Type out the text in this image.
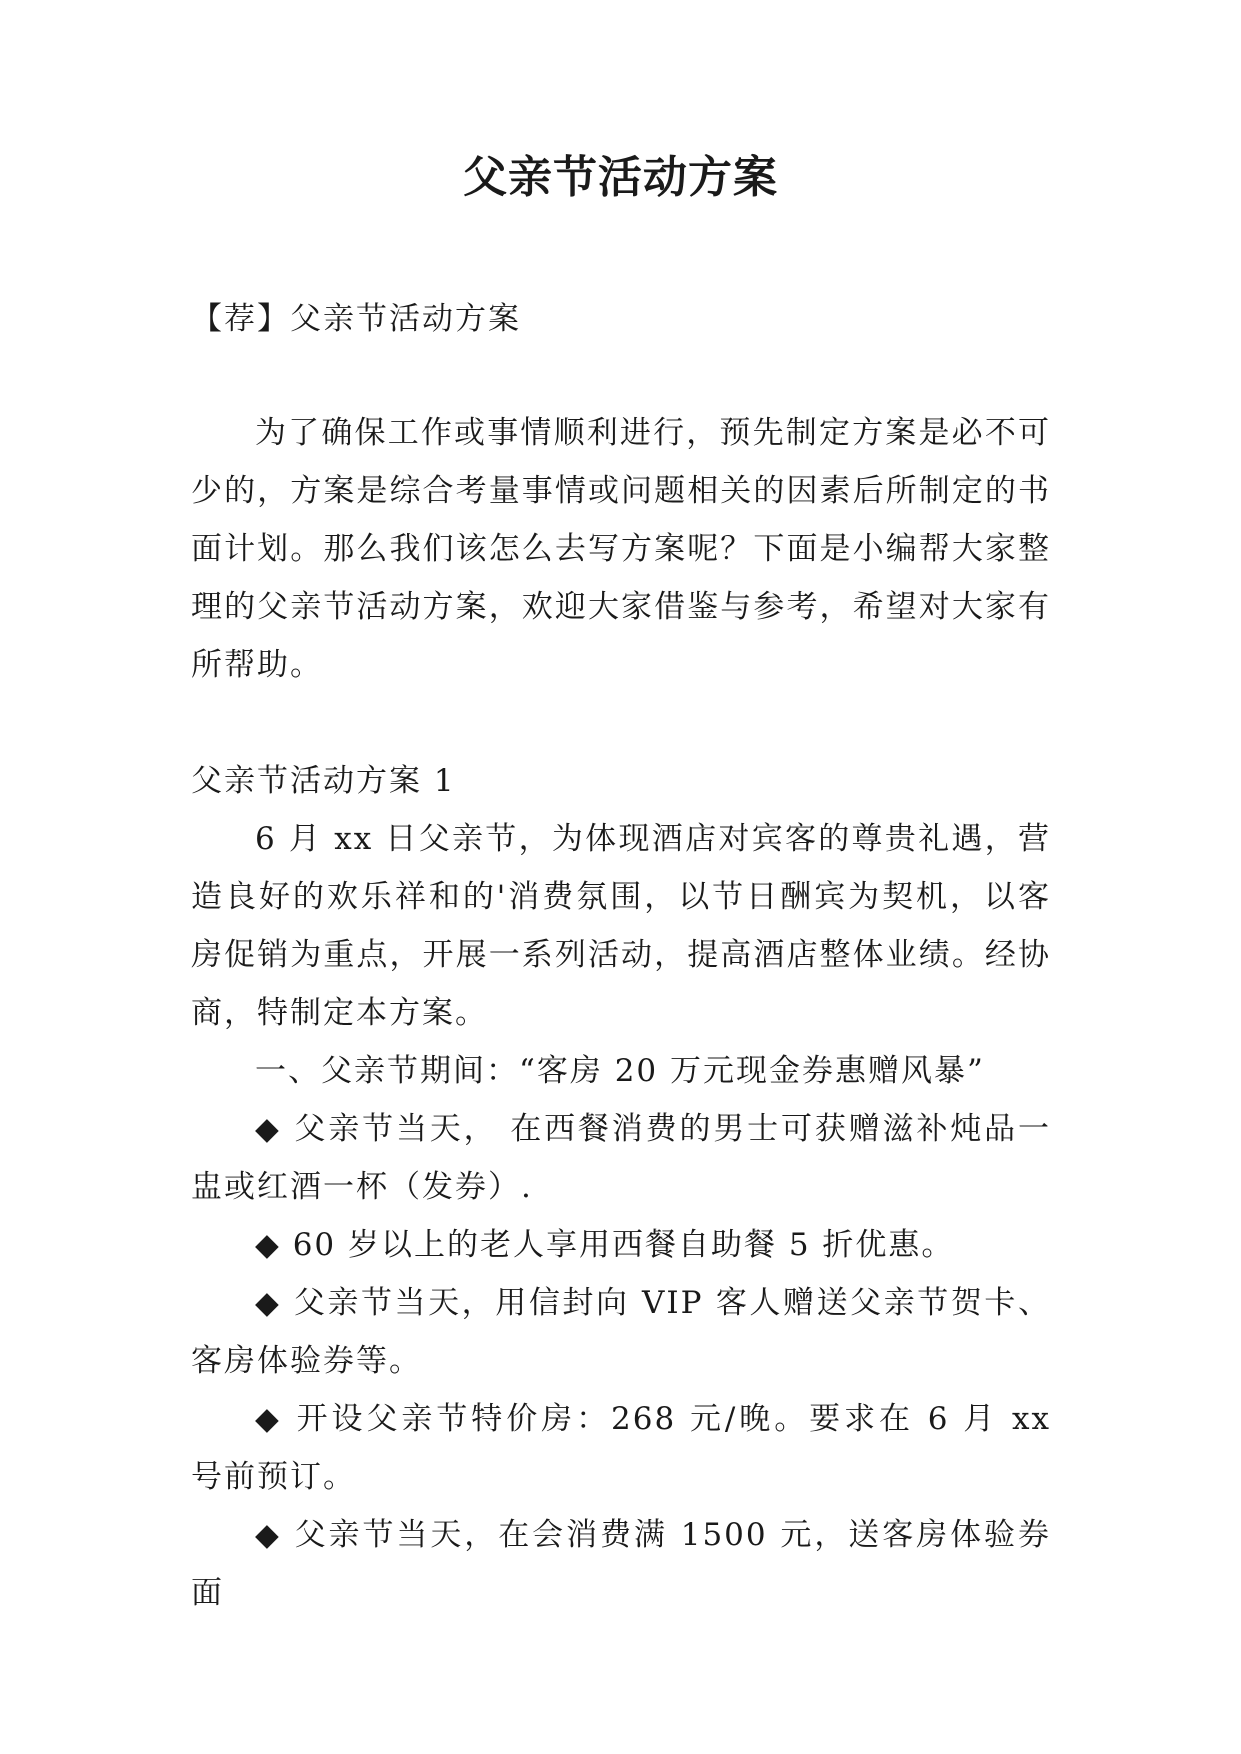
父亲节活动方案

【荐】父亲节活动方案

为了确保工作或事情顺利进行，预先制定方案是必不可少的，方案是综合考量事情或问题相关的因素后所制定的书面计划。那么我们该怎么去写方案呢？下面是小编帮大家整理的父亲节活动方案，欢迎大家借鉴与参考，希望对大家有所帮助。

父亲节活动方案 1

6 月 xx 日父亲节，为体现酒店对宾客的尊贵礼遇，营造良好的欢乐祥和的'消费氛围，以节日酬宾为契机，以客房促销为重点，开展一系列活动，提高酒店整体业绩。经协商，特制定本方案。

一、父亲节期间：“客房 20 万元现金券惠赠风暴”

◆ 父亲节当天， 在西餐消费的男士可获赠滋补炖品一盅或红酒一杯（发券）.

◆ 60 岁以上的老人享用西餐自助餐 5 折优惠。

◆ 父亲节当天，用信封向 VIP 客人赠送父亲节贺卡、客房体验券等。

◆ 开设父亲节特价房：268 元/晚。要求在 6 月 xx 号前预订。

◆ 父亲节当天，在会消费满 1500 元，送客房体验券面
